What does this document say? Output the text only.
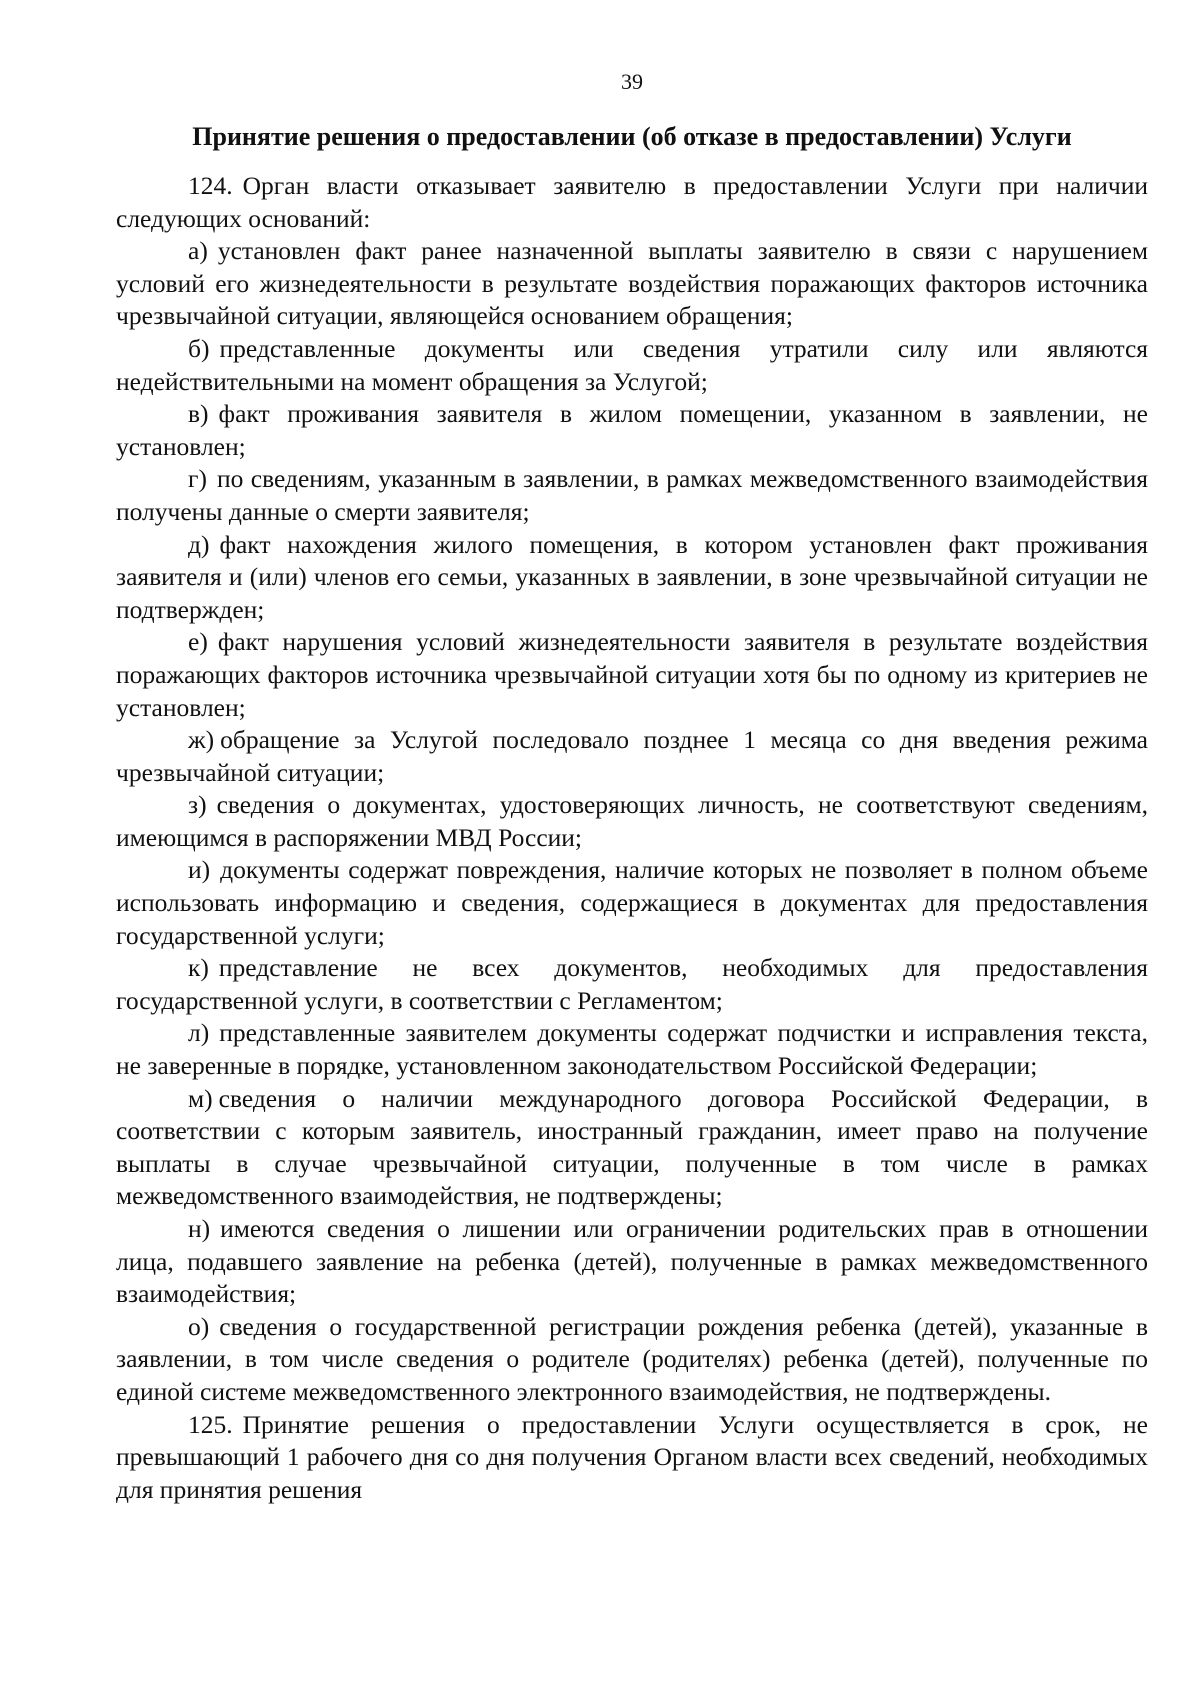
39
Принятие решения о предоставлении (об отказе в предоставлении) Услуги

124. Орган власти отказывает заявителю в предоставлении Услуги при наличии следующих оснований:

а) установлен факт ранее назначенной выплаты заявителю в связи с нарушением условий его жизнедеятельности в результате воздействия поражающих факторов источника чрезвычайной ситуации, являющейся основанием обращения;

б) представленные документы или сведения утратили силу или являются недействительными на момент обращения за Услугой;

в) факт проживания заявителя в жилом помещении, указанном в заявлении, не установлен;

г) по сведениям, указанным в заявлении, в рамках межведомственного взаимодействия получены данные о смерти заявителя;

д) факт нахождения жилого помещения, в котором установлен факт проживания заявителя и (или) членов его семьи, указанных в заявлении, в зоне чрезвычайной ситуации не подтвержден;

е) факт нарушения условий жизнедеятельности заявителя в результате воздействия поражающих факторов источника чрезвычайной ситуации хотя бы по одному из критериев не установлен;

ж) обращение за Услугой последовало позднее 1 месяца со дня введения режима чрезвычайной ситуации;

з) сведения о документах, удостоверяющих личность, не соответствуют сведениям, имеющимся в распоряжении МВД России;

и) документы содержат повреждения, наличие которых не позволяет в полном объеме использовать информацию и сведения, содержащиеся в документах для предоставления государственной услуги;

к) представление не всех документов, необходимых для предоставления государственной услуги, в соответствии с Регламентом;

л) представленные заявителем документы содержат подчистки и исправления текста, не заверенные в порядке, установленном законодательством Российской Федерации;

м) сведения о наличии международного договора Российской Федерации, в соответствии с которым заявитель, иностранный гражданин, имеет право на получение выплаты в случае чрезвычайной ситуации, полученные в том числе в рамках межведомственного взаимодействия, не подтверждены;

н) имеются сведения о лишении или ограничении родительских прав в отношении лица, подавшего заявление на ребенка (детей), полученные в рамках межведомственного взаимодействия;

о) сведения о государственной регистрации рождения ребенка (детей), указанные в заявлении, в том числе сведения о родителе (родителях) ребенка (детей), полученные по единой системе межведомственного электронного взаимодействия, не подтверждены.

125. Принятие решения о предоставлении Услуги осуществляется в срок, не превышающий 1 рабочего дня со дня получения Органом власти всех сведений, необходимых для принятия решения
